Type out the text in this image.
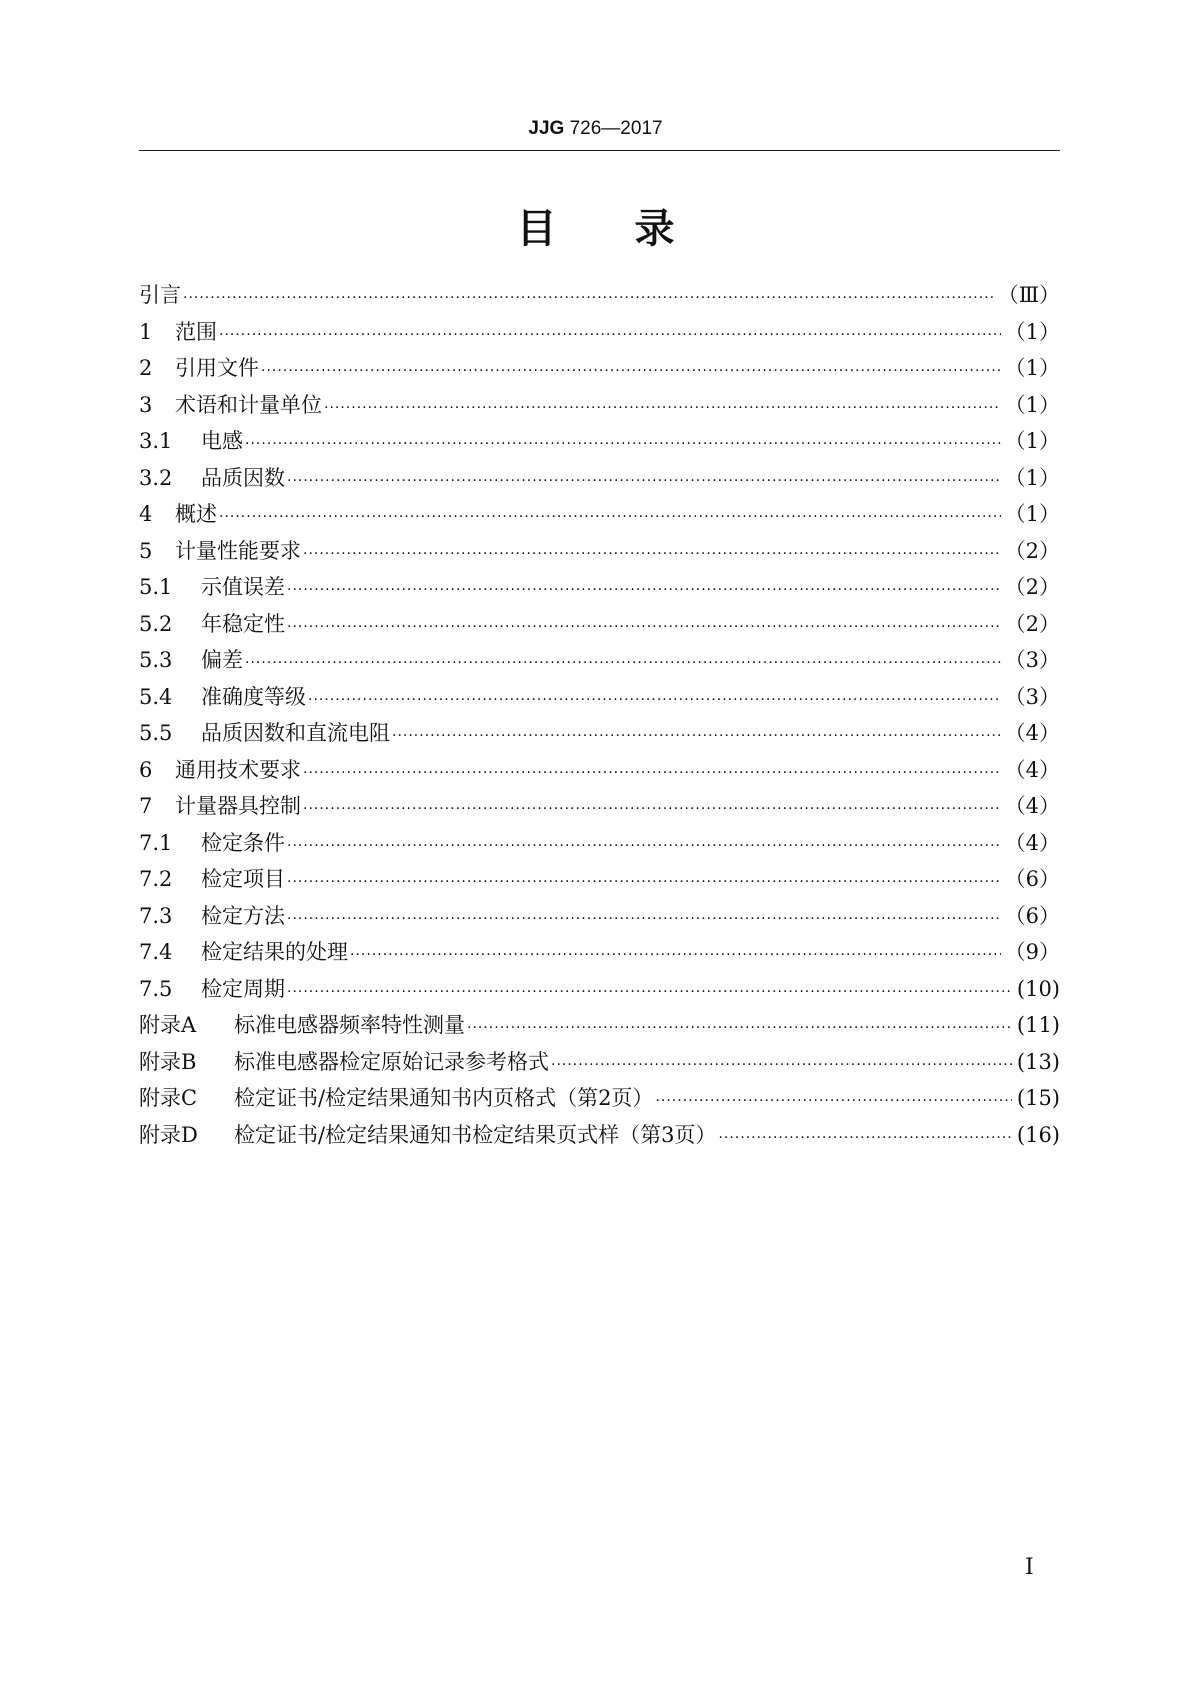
JJG 726—2017
目录
引言 ·····	（Ⅲ）
1	范围 ·····	（1）
2	引用文件 ·····	（1）
3	术语和计量单位 ·····	（1）
3.1	电感 ·····	（1）
3.2	品质因数 ·····	（1）
4	概述 ·····	（1）
5	计量性能要求 ·····	（2）
5.1	示值误差 ·····	（2）
5.2	年稳定性 ·····	（2）
5.3	偏差 ·····	（3）
5.4	准确度等级 ·····	（3）
5.5	品质因数和直流电阻 ·····	（4）
6	通用技术要求 ·····	（4）
7	计量器具控制 ·····	（4）
7.1	检定条件 ·····	（4）
7.2	检定项目 ·····	（6）
7.3	检定方法 ·····	（6）
7.4	检定结果的处理 ·····	（9）
7.5	检定周期 ·····	(10)
附录A	标准电感器频率特性测量 ·····	(11)
附录B	标准电感器检定原始记录参考格式 ·····	(13)
附录C	检定证书/检定结果通知书内页格式（第2页） ·····	(15)
附录D	检定证书/检定结果通知书检定结果页式样（第3页） ·····	(16)
I
